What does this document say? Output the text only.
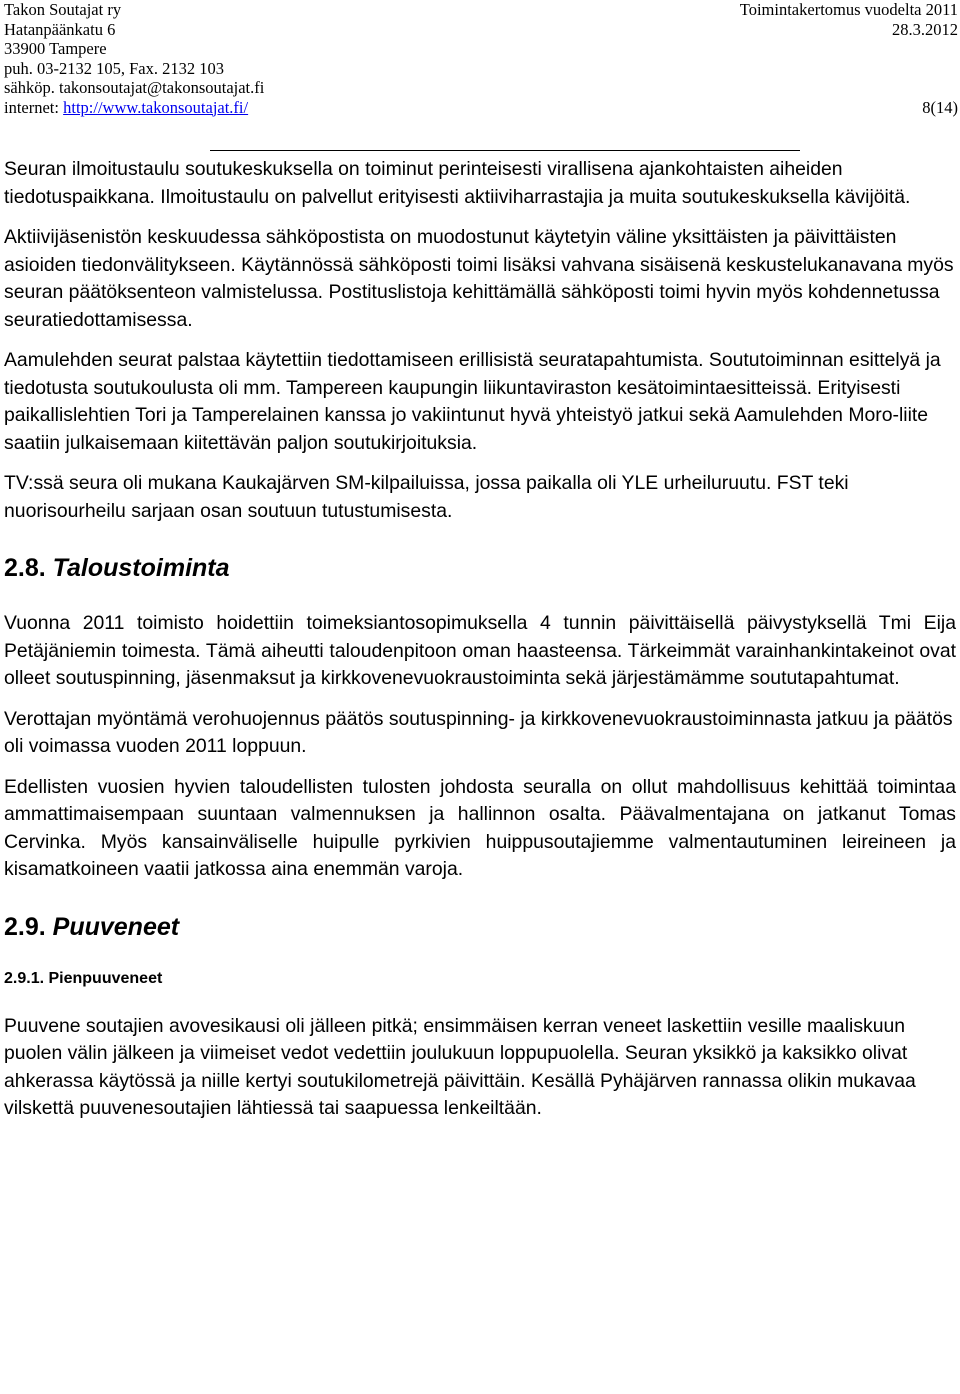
Takon Soutajat ry	Toimintakertomus vuodelta 2011
Hatanpäänkatu 6	28.3.2012
33900 Tampere
puh. 03-2132 105, Fax. 2132 103
sähköp. takonsoutajat@takonsoutajat.fi
internet: http://www.takonsoutajat.fi/	8(14)

Seuran ilmoitustaulu soutukeskuksella on toiminut perinteisesti virallisena ajankohtaisten aiheiden tiedotuspaikkana. Ilmoitustaulu on palvellut erityisesti aktiiviharrastajia ja muita soutukeskuksella kävijöitä.

Aktiivijäsenistön keskuudessa sähköpostista on muodostunut käytetyin väline yksittäisten ja päivittäisten asioiden tiedonvälitykseen. Käytännössä sähköposti toimi lisäksi vahvana sisäisenä keskustelukanavana myös seuran päätöksenteon valmistelussa. Postituslistoja kehittämällä sähköposti toimi hyvin myös kohdennetussa seuratiedottamisessa.

Aamulehden seurat palstaa käytettiin tiedottamiseen erillisistä seuratapahtumista. Soututoiminnan esittelyä ja tiedotusta soutukoulusta oli mm. Tampereen kaupungin liikuntaviraston kesätoimintaesitteissä. Erityisesti paikallislehtien Tori ja Tamperelainen kanssa jo vakiintunut hyvä yhteistyö jatkui sekä Aamulehden Moro-liite saatiin julkaisemaan kiitettävän paljon soutukirjoituksia.

TV:ssä seura oli mukana Kaukajärven SM-kilpailuissa, jossa paikalla oli YLE urheiluruutu. FST teki nuorisourheilu sarjaan osan soutuun tutustumisesta.

2.8. Taloustoiminta

Vuonna 2011 toimisto hoidettiin toimeksiantosopimuksella 4 tunnin päivittäisellä päivystyksellä Tmi Eija Petäjäniemin toimesta. Tämä aiheutti taloudenpitoon oman haasteensa. Tärkeimmät varainhankintakeinot ovat olleet soutuspinning, jäsenmaksut ja kirkkovenevuokraustoiminta sekä järjestämämme soututapahtumat.

Verottajan myöntämä verohuojennus päätös soutuspinning- ja kirkkovenevuokraustoiminnasta jatkuu ja päätös oli voimassa vuoden 2011 loppuun.

Edellisten vuosien hyvien taloudellisten tulosten johdosta seuralla on ollut mahdollisuus kehittää toimintaa ammattimaisempaan suuntaan valmennuksen ja hallinnon osalta. Päävalmentajana on jatkanut Tomas Cervinka. Myös kansainväliselle huipulle pyrkivien huippusoutajiemme valmentautuminen leireineen ja kisamatkoineen vaatii jatkossa aina enemmän varoja.

2.9. Puuveneet
2.9.1. Pienpuuveneet

Puuvene soutajien avovesikausi oli jälleen pitkä; ensimmäisen kerran veneet laskettiin vesille maaliskuun puolen välin jälkeen ja viimeiset vedot vedettiin joulukuun loppupuolella. Seuran yksikkö ja kaksikko olivat ahkerassa käytössä ja niille kertyi soutukilometrejä päivittäin. Kesällä Pyhäjärven rannassa olikin mukavaa vilskettä puuvenesoutajien lähtiessä tai saapuessa lenkeiltään.
